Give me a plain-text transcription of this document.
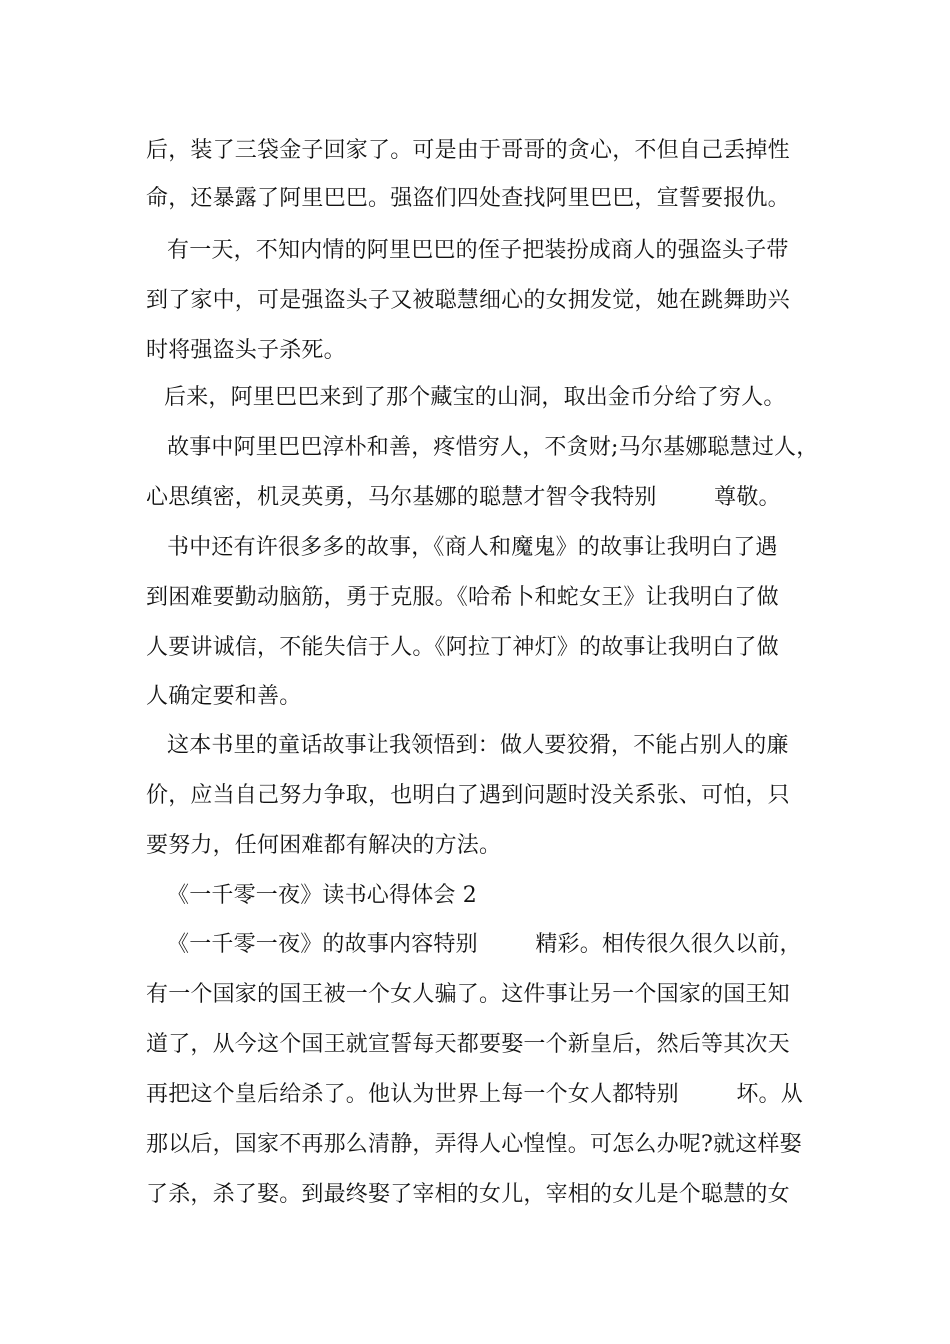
后，装了三袋金子回家了。可是由于哥哥的贪心，不但自己丢掉性
命，还暴露了阿里巴巴。强盗们四处查找阿里巴巴，宣誓要报仇。
有一天，不知内情的阿里巴巴的侄子把装扮成商人的强盗头子带
到了家中，可是强盗头子又被聪慧细心的女拥发觉，她在跳舞助兴
时将强盗头子杀死。
后来，阿里巴巴来到了那个藏宝的山洞，取出金币分给了穷人。
故事中阿里巴巴淳朴和善，疼惜穷人，不贪财;马尔基娜聪慧过人，
心思缜密，机灵英勇，马尔基娜的聪慧才智令我特别        尊敬。
书中还有许很多多的故事，《商人和魔鬼》的故事让我明白了遇
到困难要勤动脑筋，勇于克服。《哈希卜和蛇女王》让我明白了做
人要讲诚信，不能失信于人。《阿拉丁神灯》的故事让我明白了做
人确定要和善。
这本书里的童话故事让我领悟到：做人要狡猾，不能占别人的廉
价，应当自己努力争取，也明白了遇到问题时没关系张、可怕，只
要努力，任何困难都有解决的方法。
《一千零一夜》读书心得体会 2
《一千零一夜》的故事内容特别        精彩。相传很久很久以前，
有一个国家的国王被一个女人骗了。这件事让另一个国家的国王知
道了，从今这个国王就宣誓每天都要娶一个新皇后，然后等其次天
再把这个皇后给杀了。他认为世界上每一个女人都特别        坏。从
那以后，国家不再那么清静，弄得人心惶惶。可怎么办呢?就这样娶
了杀，杀了娶。到最终娶了宰相的女儿，宰相的女儿是个聪慧的女
